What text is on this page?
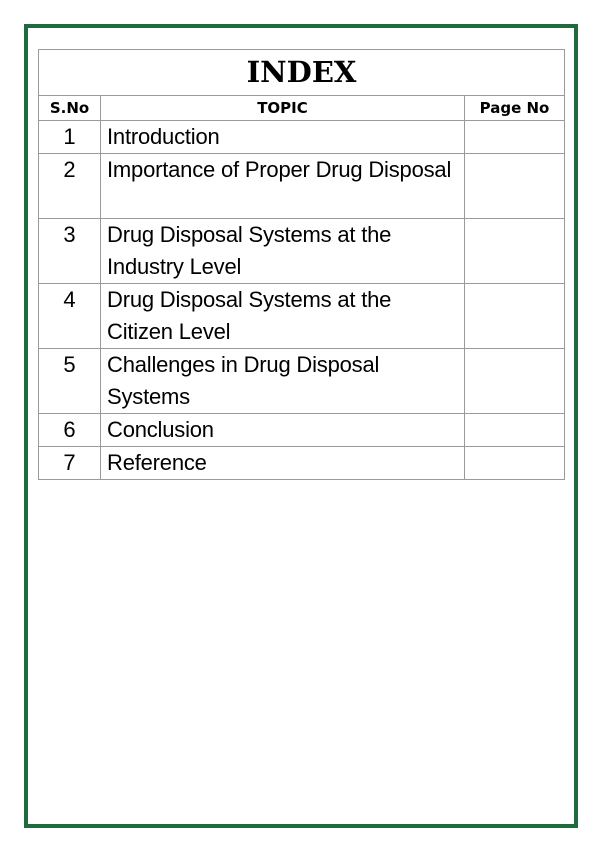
INDEX		
S.No	TOPIC	Page No
1	Introduction	
2	Importance of Proper Drug Disposal	
3	Drug Disposal Systems at the Industry Level	
4	Drug Disposal Systems at the Citizen Level	
5	Challenges in Drug Disposal Systems	
6	Conclusion	
7	Reference	
